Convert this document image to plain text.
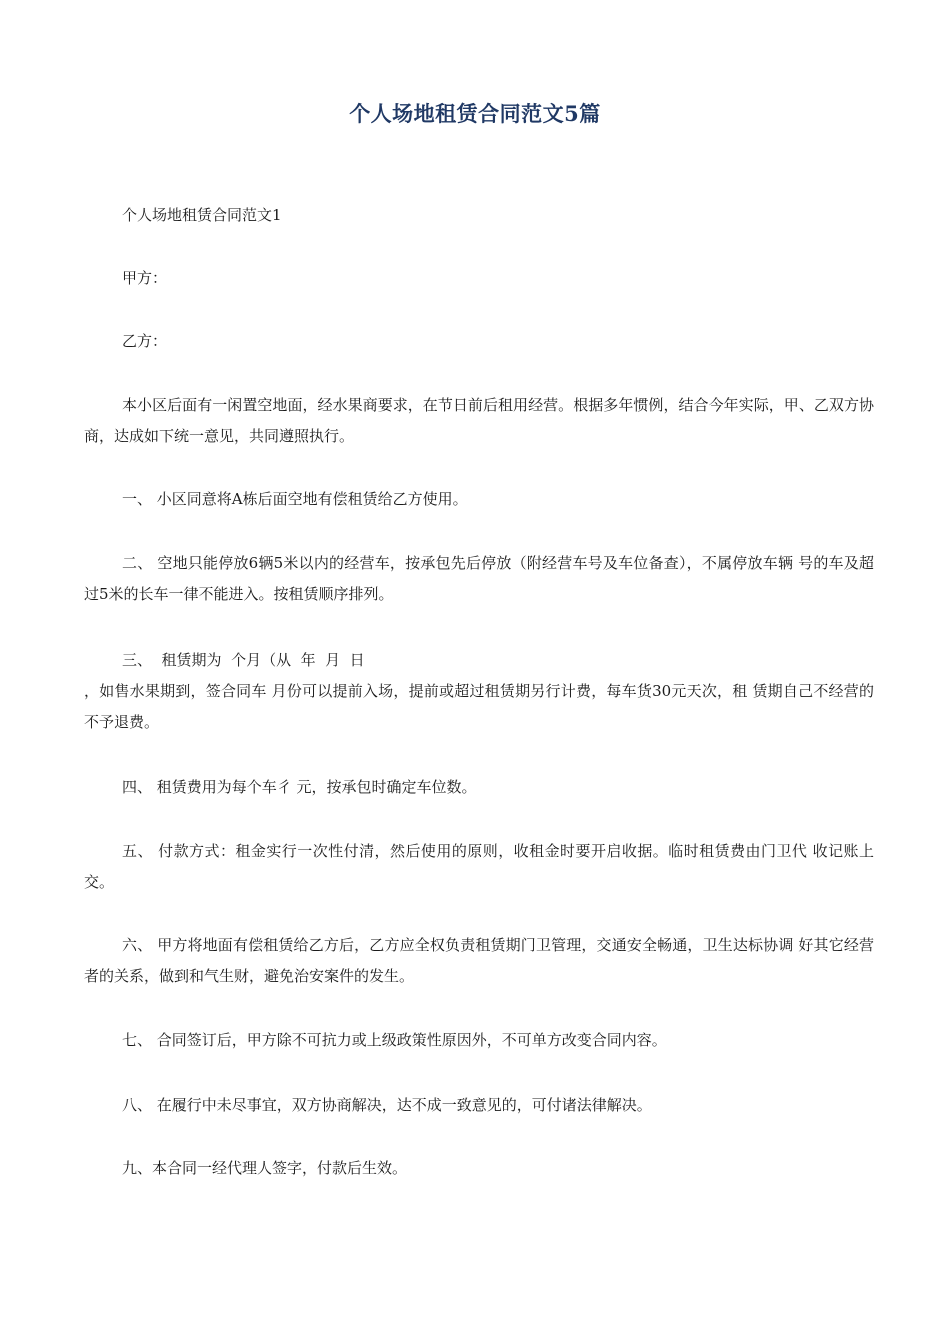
个人场地租赁合同范文5篇
个人场地租赁合同范文1
甲方：
乙方：
本小区后面有一闲置空地面，经水果商要求，在节日前后租用经营。根据多年惯例，结合今年实际，甲、乙双方协商，达成如下统一意见，共同遵照执行。
一、 小区同意将A栋后面空地有偿租赁给乙方使用。
二、 空地只能停放6辆5米以内的经营车，按承包先后停放（附经营车号及车位备查），不属停放车辆 号的车及超过5米的长车一律不能进入。按租赁顺序排列。
三、  租赁期为  个月（从  年  月  日
，如售水果期到，签合同车 月份可以提前入场，提前或超过租赁期另行计费，每车货30元天次，租 赁期自己不经营的不予退费。
四、 租赁费用为每个车彳 元，按承包时确定车位数。
五、 付款方式：租金实行一次性付清，然后使用的原则，收租金时要开启收据。临时租赁费由门卫代 收记账上交。
六、 甲方将地面有偿租赁给乙方后，乙方应全权负责租赁期门卫管理，交通安全畅通，卫生达标协调 好其它经营者的关系，做到和气生财，避免治安案件的发生。
七、 合同签订后，甲方除不可抗力或上级政策性原因外，不可单方改变合同内容。
八、 在履行中未尽事宜，双方协商解决，达不成一致意见的，可付诸法律解决。
九、本合同一经代理人签字，付款后生效。
